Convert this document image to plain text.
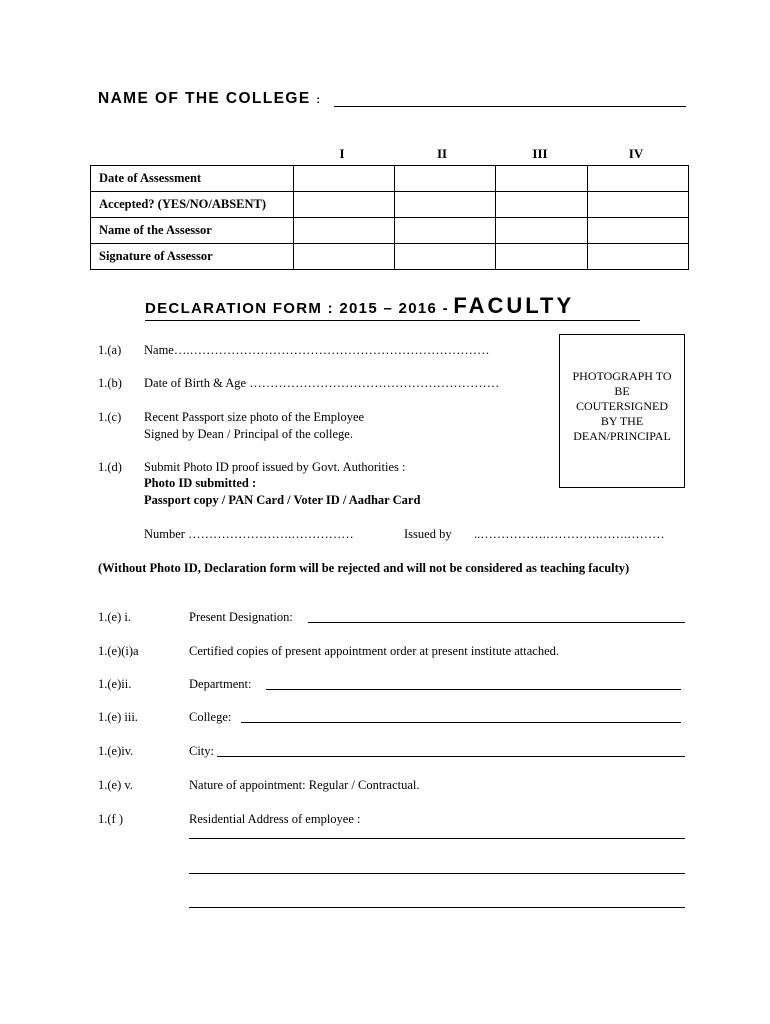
NAME OF THE COLLEGE :
I	II	III	IV
Date of Assessment				
Accepted? (YES/NO/ABSENT)				
Name of the Assessor				
Signature of Assessor				
DECLARATION FORM : 2015 – 2016 - FACULTY
1.(a) Name….………………………………………………………………
1.(b) Date of Birth & Age ……………………………………………………
1.(c) Recent Passport size photo of the Employee
Signed by Dean / Principal of the college.
PHOTOGRAPH TO
BE
COUTERSIGNED
BY THE
DEAN/PRINCIPAL
1.(d) Submit Photo ID proof issued by Govt. Authorities :
Photo ID submitted :
Passport copy / PAN Card / Voter ID / Aadhar Card
Number …………………….……………	Issued by ..…………….………….…….………
(Without Photo ID, Declaration form will be rejected and will not be considered as teaching faculty)
1.(e) i.	Present Designation:
1.(e)(i)a	Certified copies of present appointment order at present institute attached.
1.(e)ii.	Department:
1.(e) iii.	College:
1.(e)iv.	City:
1.(e) v.	Nature of appointment: Regular / Contractual.
1.(f )	Residential Address of employee :
